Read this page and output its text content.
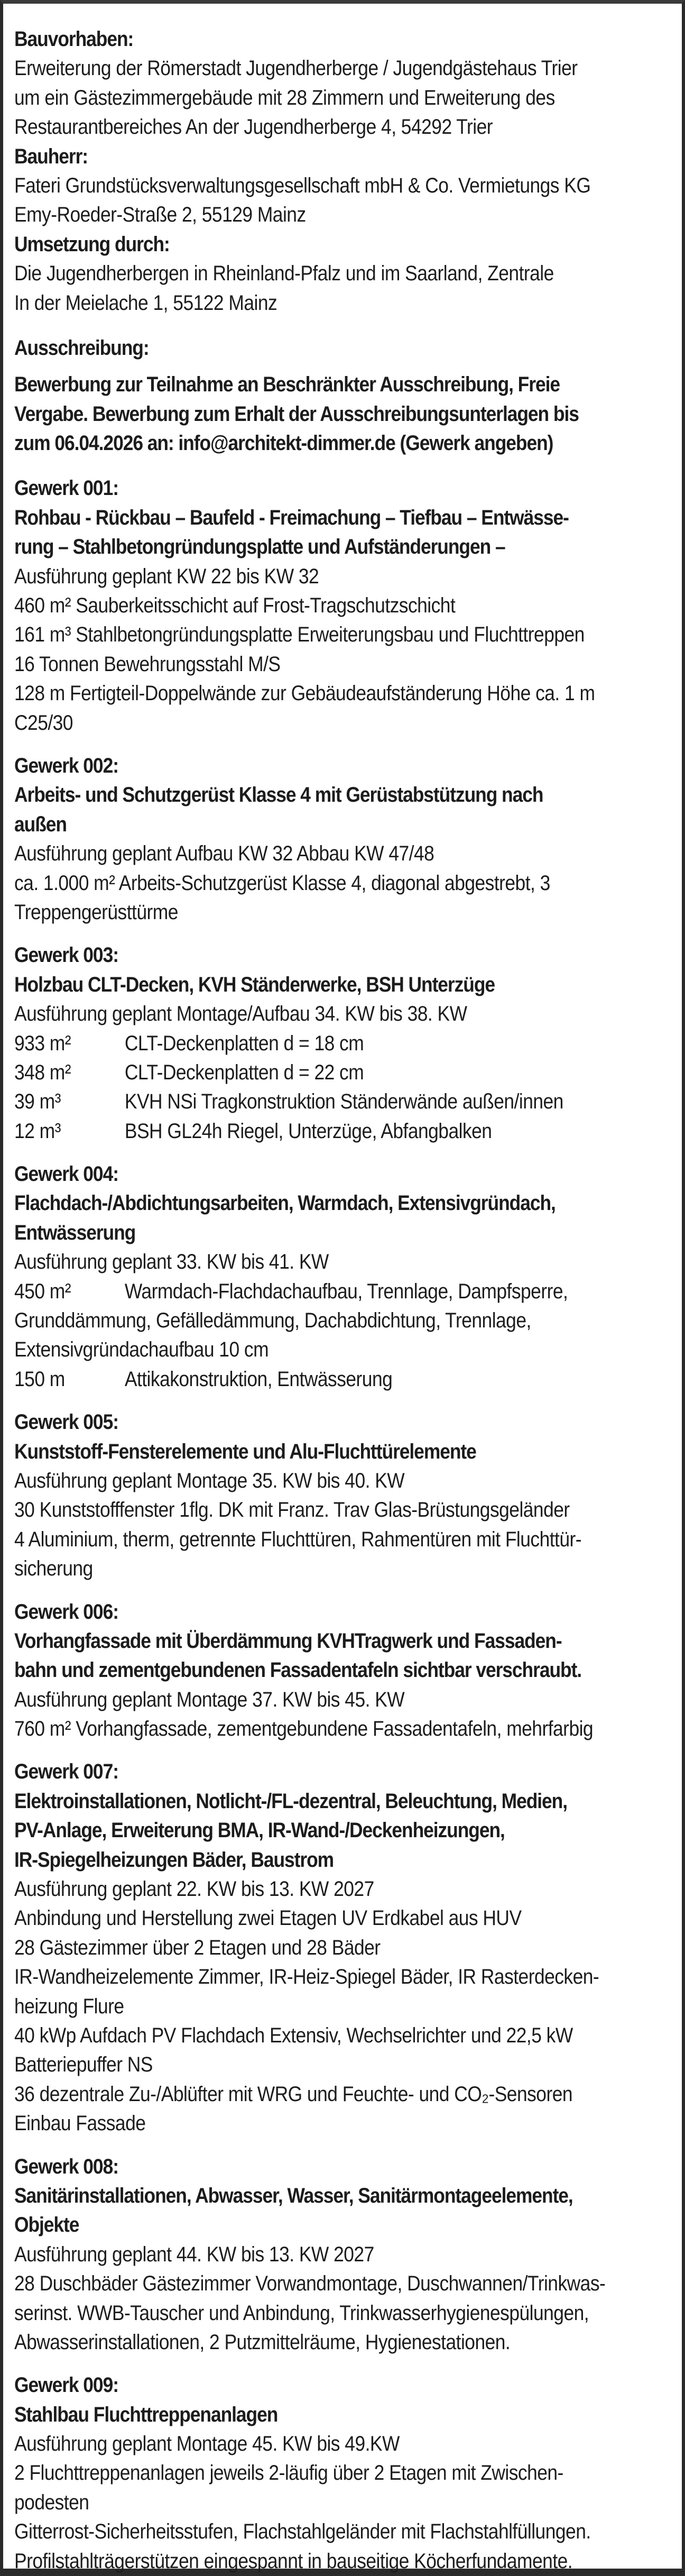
Bauvorhaben:
Erweiterung der Römerstadt Jugendherberge / Jugendgästehaus Trier
um ein Gästezimmergebäude mit 28 Zimmern und Erweiterung des
Restaurantbereiches An der Jugendherberge 4, 54292 Trier
Bauherr:
Fateri Grundstücksverwaltungsgesellschaft mbH & Co. Vermietungs KG
Emy-Roeder-Straße 2, 55129 Mainz
Umsetzung durch:
Die Jugendherbergen in Rheinland-Pfalz und im Saarland, Zentrale
In der Meielache 1, 55122 Mainz
Ausschreibung:
Bewerbung zur Teilnahme an Beschränkter Ausschreibung, Freie
Vergabe. Bewerbung zum Erhalt der Ausschreibungsunterlagen bis
zum 06.04.2026 an: info@architekt-dimmer.de (Gewerk angeben)
Gewerk 001:
Rohbau - Rückbau – Baufeld - Freimachung – Tiefbau – Entwässe-
rung – Stahlbetongründungsplatte und Aufständerungen –
Ausführung geplant KW 22 bis KW 32
460 m² Sauberkeitsschicht auf Frost-Tragschutzschicht
161 m³ Stahlbetongründungsplatte Erweiterungsbau und Fluchttreppen
16 Tonnen Bewehrungsstahl M/S
128 m Fertigteil-Doppelwände zur Gebäudeaufständerung Höhe ca. 1 m
C25/30
Gewerk 002:
Arbeits- und Schutzgerüst Klasse 4 mit Gerüstabstützung nach
außen
Ausführung geplant Aufbau KW 32 Abbau KW 47/48
ca. 1.000 m² Arbeits-Schutzgerüst Klasse 4, diagonal abgestrebt, 3
Treppengerüsttürme
Gewerk 003:
Holzbau CLT-Decken, KVH Ständerwerke, BSH Unterzüge
Ausführung geplant Montage/Aufbau 34. KW bis 38. KW
933 m²	CLT-Deckenplatten d = 18 cm
348 m²	CLT-Deckenplatten d = 22 cm
39 m³	KVH NSi Tragkonstruktion Ständerwände außen/innen
12 m³	BSH GL24h Riegel, Unterzüge, Abfangbalken
Gewerk 004:
Flachdach-/Abdichtungsarbeiten, Warmdach, Extensivgründach,
Entwässerung
Ausführung geplant 33. KW bis 41. KW
450 m²	Warmdach-Flachdachaufbau, Trennlage, Dampfsperre,
Grunddämmung, Gefälledämmung, Dachabdichtung, Trennlage,
Extensivgründachaufbau 10 cm
150 m	Attikakonstruktion, Entwässerung
Gewerk 005:
Kunststoff-Fensterelemente und Alu-Fluchttürelemente
Ausführung geplant Montage 35. KW bis 40. KW
30 Kunststofffenster 1flg. DK mit Franz. Trav Glas-Brüstungsgeländer
4 Aluminium, therm, getrennte Fluchttüren, Rahmentüren mit Fluchttür-
sicherung
Gewerk 006:
Vorhangfassade mit Überdämmung KVHTragwerk und Fassaden-
bahn und zementgebundenen Fassadentafeln sichtbar verschraubt.
Ausführung geplant Montage 37. KW bis 45. KW
760 m² Vorhangfassade, zementgebundene Fassadentafeln, mehrfarbig
Gewerk 007:
Elektroinstallationen, Notlicht-/FL-dezentral, Beleuchtung, Medien,
PV-Anlage, Erweiterung BMA, IR-Wand-/Deckenheizungen,
IR-Spiegelheizungen Bäder, Baustrom
Ausführung geplant 22. KW bis 13. KW 2027
Anbindung und Herstellung zwei Etagen UV Erdkabel aus HUV
28 Gästezimmer über 2 Etagen und 28 Bäder
IR-Wandheizelemente Zimmer, IR-Heiz-Spiegel Bäder, IR Rasterdecken-
heizung Flure
40 kWp Aufdach PV Flachdach Extensiv, Wechselrichter und 22,5 kW
Batteriepuffer NS
36 dezentrale Zu-/Ablüfter mit WRG und Feuchte- und CO₂-Sensoren
Einbau Fassade
Gewerk 008:
Sanitärinstallationen, Abwasser, Wasser, Sanitärmontageelemente,
Objekte
Ausführung geplant 44. KW bis 13. KW 2027
28 Duschbäder Gästezimmer Vorwandmontage, Duschwannen/Trinkwas-
serinst. WWB-Tauscher und Anbindung, Trinkwasserhygienespülungen,
Abwasserinstallationen, 2 Putzmittelräume, Hygienestationen.
Gewerk 009:
Stahlbau Fluchttreppenanlagen
Ausführung geplant Montage 45. KW bis 49.KW
2 Fluchttreppenanlagen jeweils 2-läufig über 2 Etagen mit Zwischen-
podesten
Gitterrost-Sicherheitsstufen, Flachstahlgeländer mit Flachstahlfüllungen.
Profilstahlträgerstützen eingespannt in bauseitige Köcherfundamente.
